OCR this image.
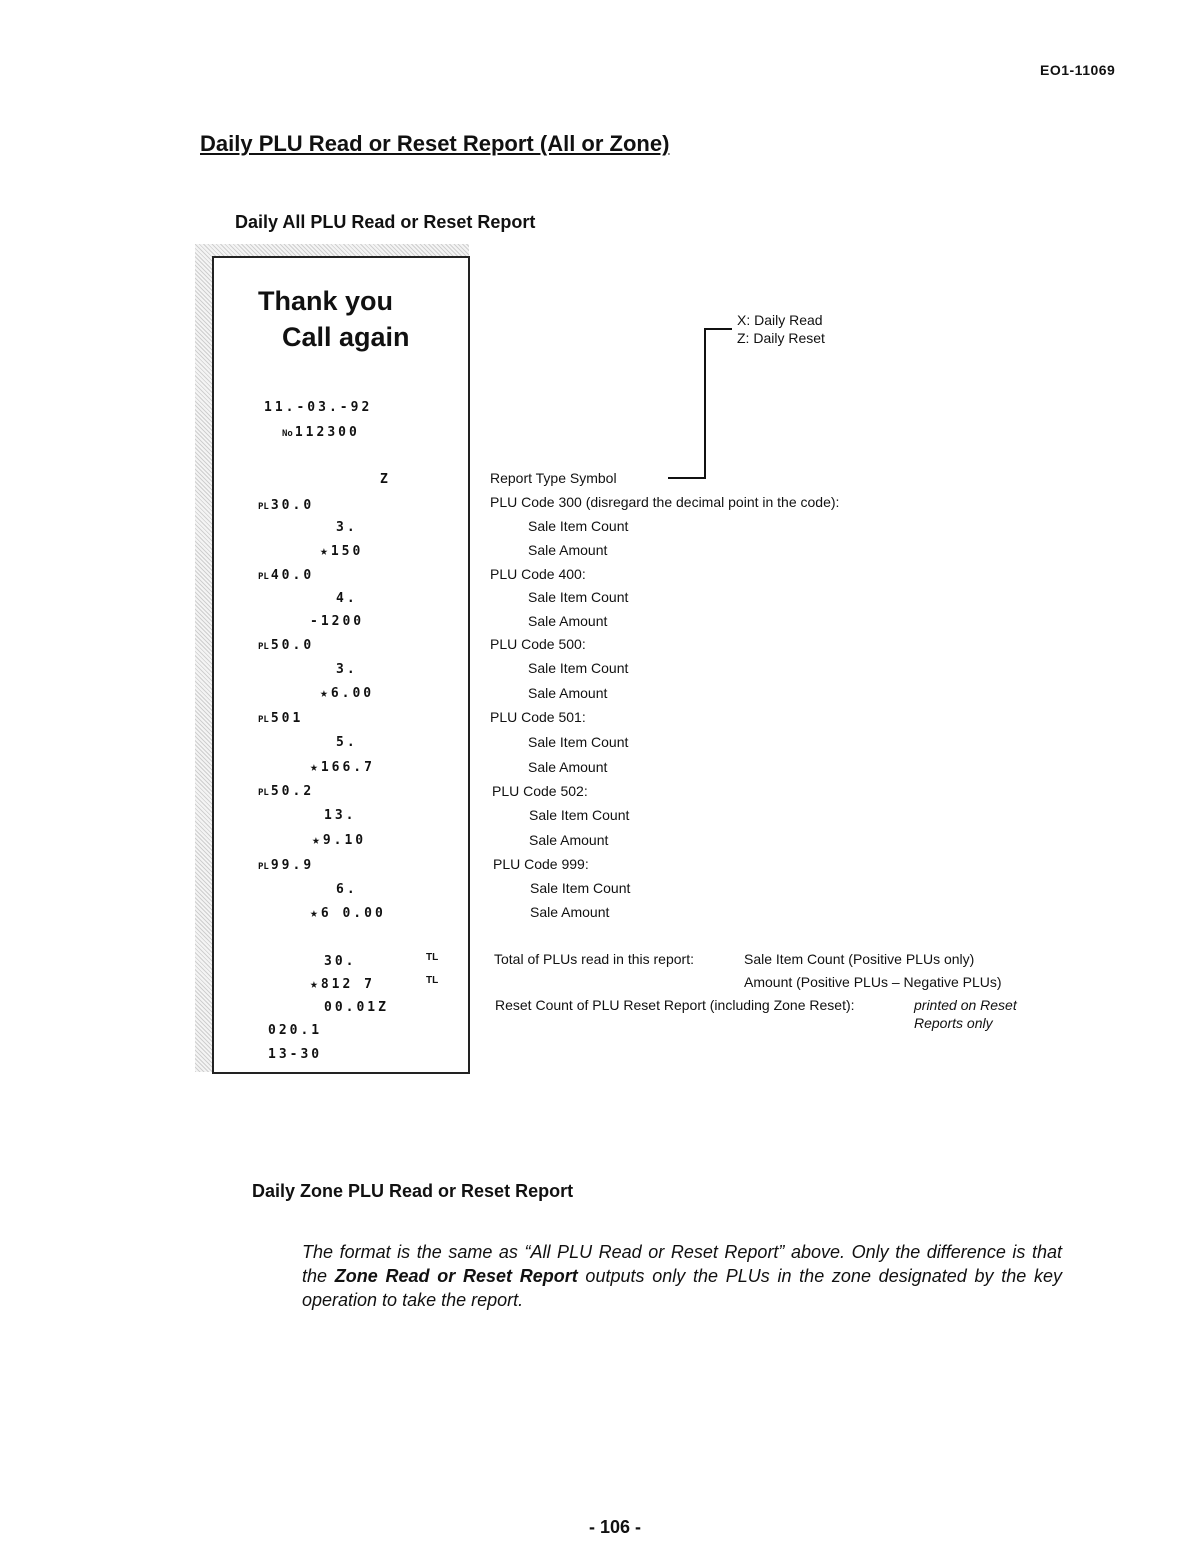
EO1-11069
Daily PLU Read or Reset Report (All or Zone)
Daily All PLU Read or Reset Report
Thank you
Call again
11.-03.-92
No 112300
Z
PL 30.0
3.
★150
PL 40.0
4.
-1200
PL 50.0
3.
★6.00
PL 501
5.
★166.7
PL 50.2
13.
★9.10
PL 99.9
6.
★6 0.00
30.	TL
★812 7	TL
00.01Z
020.1
13-30
X: Daily Read
Z: Daily Reset
Report Type Symbol
PLU Code 300 (disregard the decimal point in the code):
Sale Item Count
Sale Amount
PLU Code 400:
Sale Item Count
Sale Amount
PLU Code 500:
Sale Item Count
Sale Amount
PLU Code 501:
Sale Item Count
Sale Amount
PLU Code 502:
Sale Item Count
Sale Amount
PLU Code 999:
Sale Item Count
Sale Amount
Total of PLUs read in this report:	Sale Item Count (Positive PLUs only)
Amount (Positive PLUs – Negative PLUs)
Reset Count of PLU Reset Report (including Zone Reset):	printed on Reset
Reports only
Daily Zone PLU Read or Reset Report
The format is the same as “All PLU Read or Reset Report” above. Only the difference is that the Zone Read or Reset Report outputs only the PLUs in the zone designated by the key operation to take the report.
- 106 -
